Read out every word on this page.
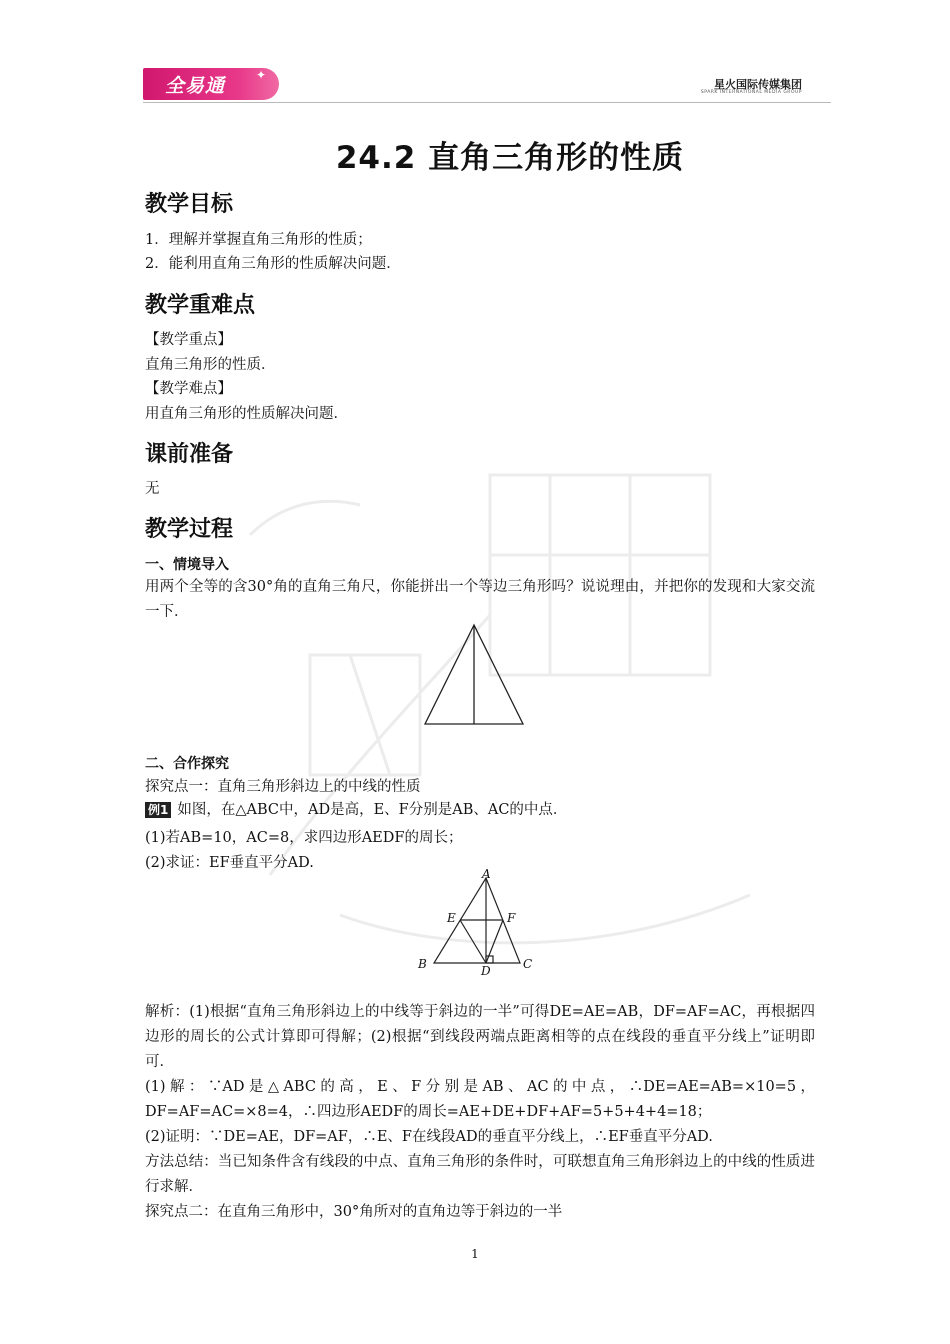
全易通	✦
星火国际传媒集团
SPARK INTERNATIONAL MEDIA GROUP
24.2 直角三角形的性质
教学目标
1．理解并掌握直角三角形的性质；
2．能利用直角三角形的性质解决问题．
教学重难点
【教学重点】
直角三角形的性质．
【教学难点】
用直角三角形的性质解决问题．
课前准备
无
教学过程
一、情境导入
用两个全等的含30°角的直角三角尺，你能拼出一个等边三角形吗？说说理由，并把你的发现和大家交流一下．
二、合作探究
探究点一：直角三角形斜边上的中线的性质
例1 如图，在△ABC中，AD是高，E、F分别是AB、AC的中点．
(1)若AB=10，AC=8，求四边形AEDF的周长；
(2)求证：EF垂直平分AD.
A
B	C
D
E	F
解析：(1)根据“直角三角形斜边上的中线等于斜边的一半”可得DE=AE=AB，DF=AF=AC，再根据四边形的周长的公式计算即可得解；(2)根据“到线段两端点距离相等的点在线段的垂直平分线上”证明即可．
(1)解：∵AD是△ABC的高，E、F分别是AB、AC的中点，∴DE=AE=AB=×10=5，DF=AF=AC=×8=4，∴四边形AEDF的周长=AE+DE+DF+AF=5+5+4+4=18；
(2)证明：∵DE=AE，DF=AF，∴E、F在线段AD的垂直平分线上，∴EF垂直平分AD.
方法总结：当已知条件含有线段的中点、直角三角形的条件时，可联想直角三角形斜边上的中线的性质进行求解．
探究点二：在直角三角形中，30°角所对的直角边等于斜边的一半
1
